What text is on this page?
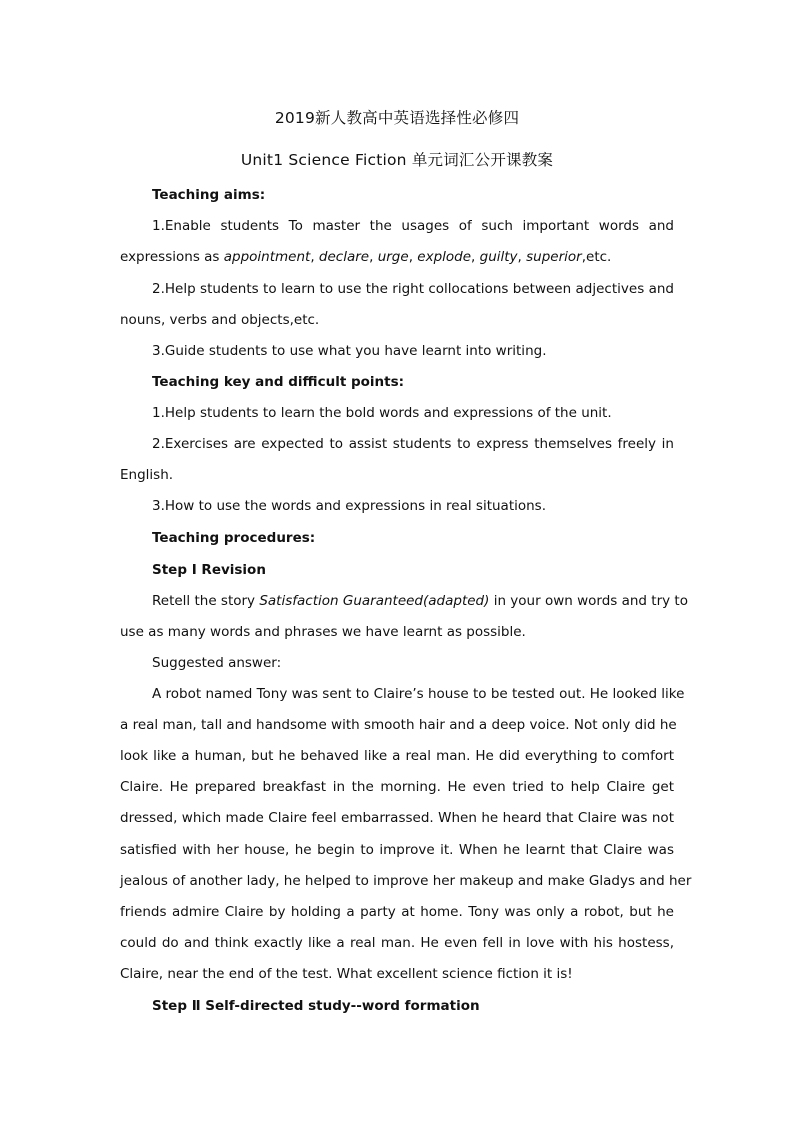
2019新人教高中英语选择性必修四
Unit1 Science Fiction 单元词汇公开课教案
Teaching aims:
1.Enable students To master the usages of such important words and
expressions as appointment, declare, urge, explode, guilty, superior,etc.
2.Help students to learn to use the right collocations between adjectives and
nouns, verbs and objects,etc.
3.Guide students to use what you have learnt into writing.
Teaching key and difficult points:
1.Help students to learn the bold words and expressions of the unit.
2.Exercises are expected to assist students to express themselves freely in
English.
3.How to use the words and expressions in real situations.
Teaching procedures:
Step Ⅰ Revision
Retell the story Satisfaction Guaranteed(adapted) in your own words and try to
use as many words and phrases we have learnt as possible.
Suggested answer:
A robot named Tony was sent to Claire’s house to be tested out. He looked like
a real man, tall and handsome with smooth hair and a deep voice. Not only did he
look like a human, but he behaved like a real man. He did everything to comfort
Claire. He prepared breakfast in the morning. He even tried to help Claire get
dressed, which made Claire feel embarrassed. When he heard that Claire was not
satisfied with her house, he begin to improve it. When he learnt that Claire was
jealous of another lady, he helped to improve her makeup and make Gladys and her
friends admire Claire by holding a party at home. Tony was only a robot, but he
could do and think exactly like a real man. He even fell in love with his hostess,
Claire, near the end of the test. What excellent science fiction it is!
Step Ⅱ Self-directed study--word formation
